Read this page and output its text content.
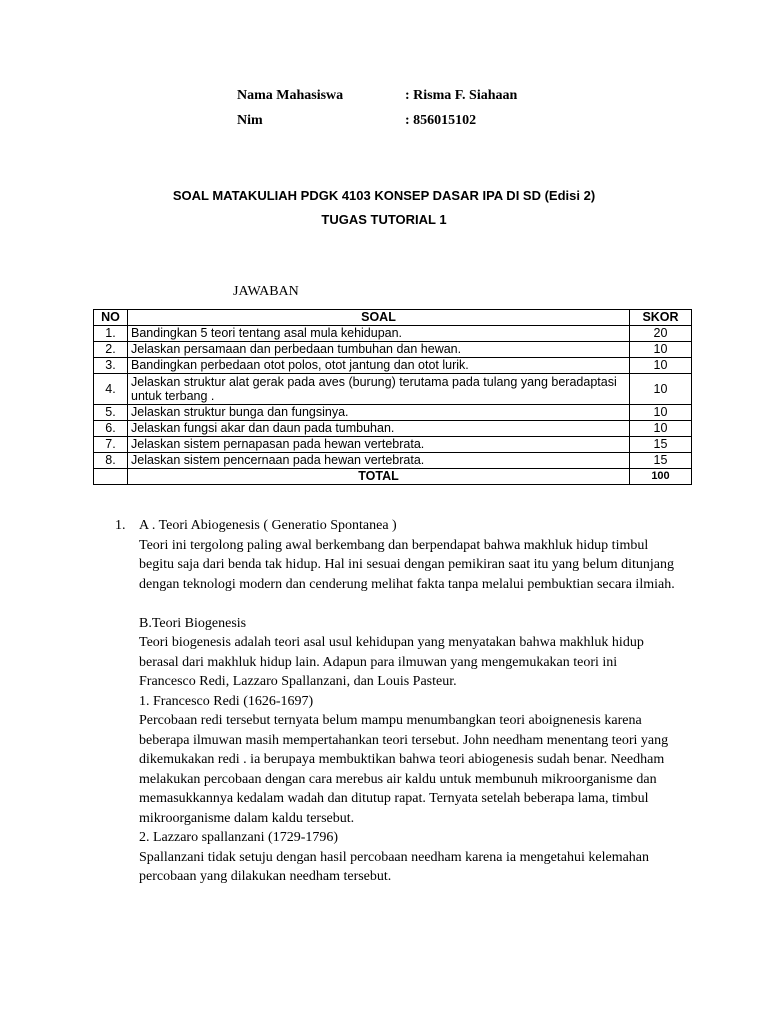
Nama Mahasiswa	: Risma F. Siahaan
Nim	: 856015102
SOAL MATAKULIAH PDGK 4103 KONSEP DASAR IPA DI SD (Edisi 2)
TUGAS TUTORIAL 1
JAWABAN
NO	SOAL	SKOR
1.	Bandingkan 5 teori tentang asal mula kehidupan.	20
2.	Jelaskan persamaan dan perbedaan tumbuhan dan hewan.	10
3.	Bandingkan perbedaan otot polos, otot jantung dan otot lurik.	10
4.	Jelaskan struktur alat gerak pada aves (burung) terutama pada tulang yang beradaptasi untuk terbang .	10
5.	Jelaskan struktur bunga dan fungsinya.	10
6.	Jelaskan fungsi akar dan daun pada tumbuhan.	10
7.	Jelaskan sistem pernapasan pada hewan vertebrata.	15
8.	Jelaskan sistem pencernaan pada hewan vertebrata.	15
	TOTAL	100
1. A . Teori Abiogenesis ( Generatio Spontanea )

Teori ini tergolong paling awal berkembang dan berpendapat bahwa makhluk hidup timbul begitu saja dari benda tak hidup. Hal ini sesuai dengan pemikiran saat itu yang belum ditunjang dengan teknologi modern dan cenderung melihat fakta tanpa melalui pembuktian secara ilmiah.

B.Teori Biogenesis

Teori biogenesis adalah teori asal usul kehidupan yang menyatakan bahwa makhluk hidup berasal dari makhluk hidup lain. Adapun para ilmuwan yang mengemukakan teori ini Francesco Redi, Lazzaro Spallanzani, dan Louis Pasteur.

1. Francesco Redi (1626-1697)

Percobaan redi tersebut ternyata belum mampu menumbangkan teori aboignenesis karena beberapa ilmuwan masih mempertahankan teori tersebut. John needham menentang teori yang dikemukakan redi . ia berupaya membuktikan bahwa teori abiogenesis sudah benar. Needham melakukan percobaan dengan cara merebus air kaldu untuk membunuh mikroorganisme dan memasukkannya kedalam wadah dan ditutup rapat. Ternyata setelah beberapa lama, timbul mikroorganisme dalam kaldu tersebut.

2. Lazzaro spallanzani (1729-1796)

Spallanzani tidak setuju dengan hasil percobaan needham karena ia mengetahui kelemahan percobaan yang dilakukan needham tersebut.
